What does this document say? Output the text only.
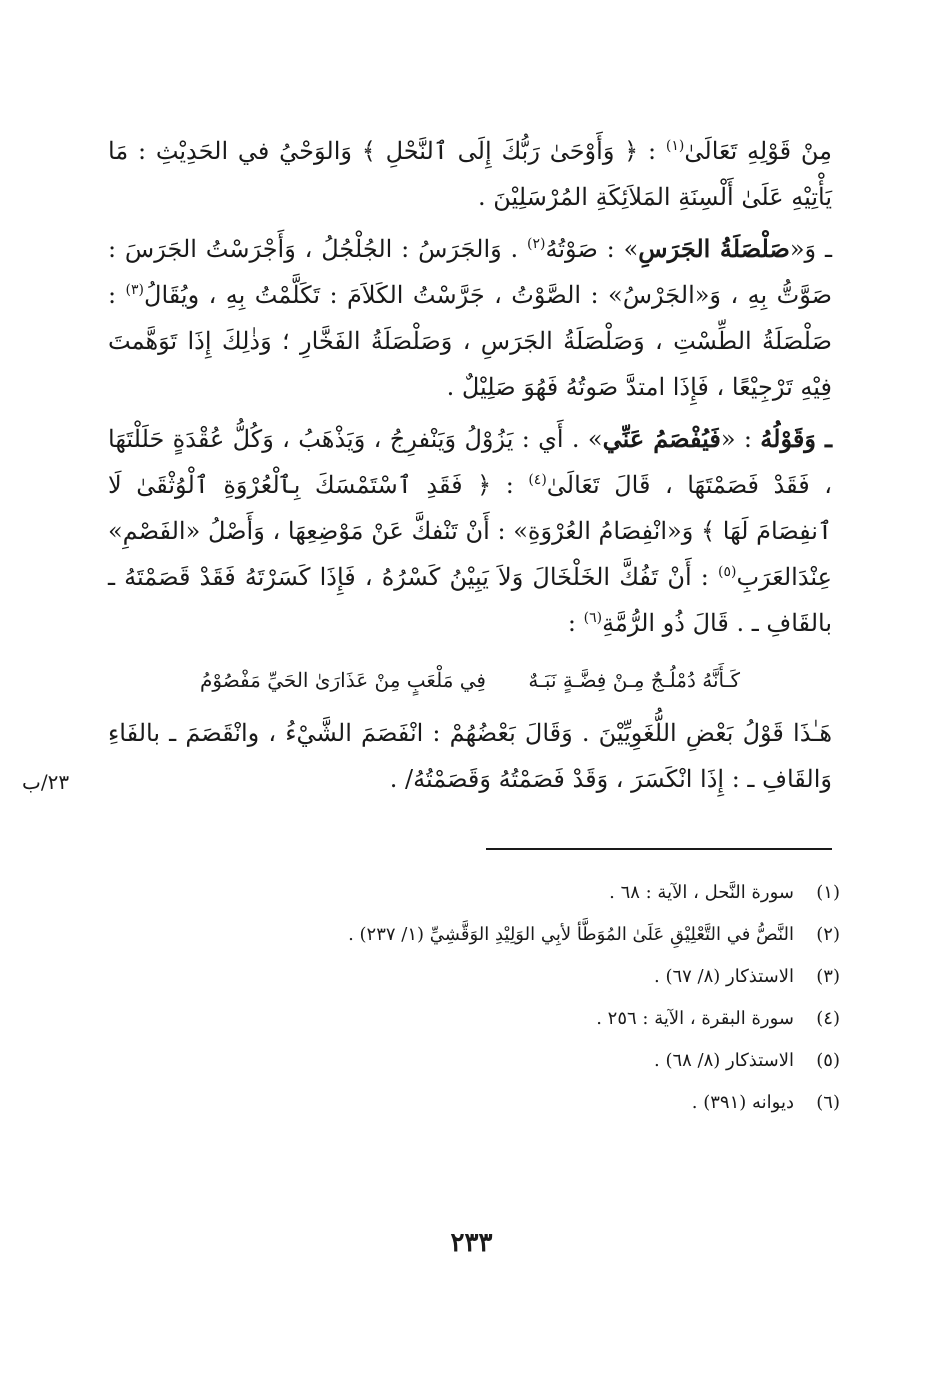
مِنْ قَوْلِهِ تَعَالَىٰ$^{(١)}$ : ﴿ وَأَوْحَىٰ رَبُّكَ إِلَى ٱلنَّحْلِ ﴾ وَالوَحْيُ في الحَدِيْثِ : مَا يَأْتِيْهِ عَلَىٰ أَلْسِنَةِ المَلاَئِكَةِ المُرْسَلِيْنَ .

ـ وَ«صَلْصَلَةُ الجَرَسِ» : صَوْتُهُ$^{(٢)}$ . وَالجَرَسُ : الجُلْجُلُ ، وَأَجْرَسْتُ الجَرَسَ : صَوَّتُّ بِهِ ، وَ«الجَرْسُ» : الصَّوْتُ ، جَرَّسْتُ الكَلاَمَ : تَكَلَّمْتُ بِهِ ، ويُقَالُ$^{(٣)}$ : صَلْصَلَةُ الطِّسْتِ ، وَصَلْصَلَةُ الجَرَسِ ، وَصَلْصَلَةُ الفَخَّارِ ؛ وَذٰلِكَ إِذَا تَوَهَّمتَ فِيْهِ تَرْجِيْعًا ، فَإِذَا امتدَّ صَوتُهُ فَهُوَ صَلِيْلٌ .

ـ وَقَوْلُهُ : «فَيُفْصَمُ عَنِّي» . أَي : يَزُوْلُ وَيَنْفرِجُ ، وَيَذْهَبُ ، وَكُلُّ عُقْدَةٍ حَلَلْتَهَا ، فَقَدْ فَصَمْتَهَا ، قَالَ تَعَالَىٰ$^{(٤)}$ : ﴿ فَقَدِ ٱسْتَمْسَكَ بِٱلْعُرْوَةِ ٱلْوُثْقَىٰ لَا ٱنفِصَامَ لَهَا ﴾ وَ«انْفِصَامُ العُرْوَةِ» : أَنْ تَنْفكَّ عَنْ مَوْضِعِهَا ، وَأَصْلُ «الفَصْمِ» عِنْدَالعَرَبِ$^{(٥)}$ : أَنْ تَفُكَّ الخَلْخَالَ وَلاَ يَبِيْنُ كَسْرُهُ ، فَإِذَا كَسَرْتَهُ فَقَدْ قَصَمْتَهُ ـ بالقَافِ ـ . قَالَ ذُو الرُّمَّةِ$^{(٦)}$ :

كَـأَنَّهُ دُمْلُـجٌ مِـنْ فِضَّـةٍ نَبَـهٌ
فِي مَلْعَبٍ مِنْ عَذَارَىٰ الحَيِّ مَفْصُوْمُ

هَـٰذَا قَوْلُ بَعْضِ اللُّغَوِيِّيْنَ . وَقَالَ بَعْضُهُمْ : انْفَصَمَ الشَّيْءُ ، وانْقَصَمَ ـ بالفَاءِ وَالقَافِ ـ : إِذَا انْكَسَرَ ، وَقَدْ فَصَمْتُهُ وَقَصَمْتُهُ/ .

٢٣/ب
(١)
سورة النَّحل ، الآية : ٦٨ .
(٢)
النَّصُّ في التَّعْلِيْقِ عَلَىٰ المُوَطَّأ لأبِي الوَلِيْدِ الوَقَّشِيِّ (١/ ٢٣٧) .
(٣)
الاستذكار (٨/ ٦٧) .
(٤)
سورة البقرة ، الآية : ٢٥٦ .
(٥)
الاستذكار (٨/ ٦٨) .
(٦)
ديوانه (٣٩١) .
٢٣٣
